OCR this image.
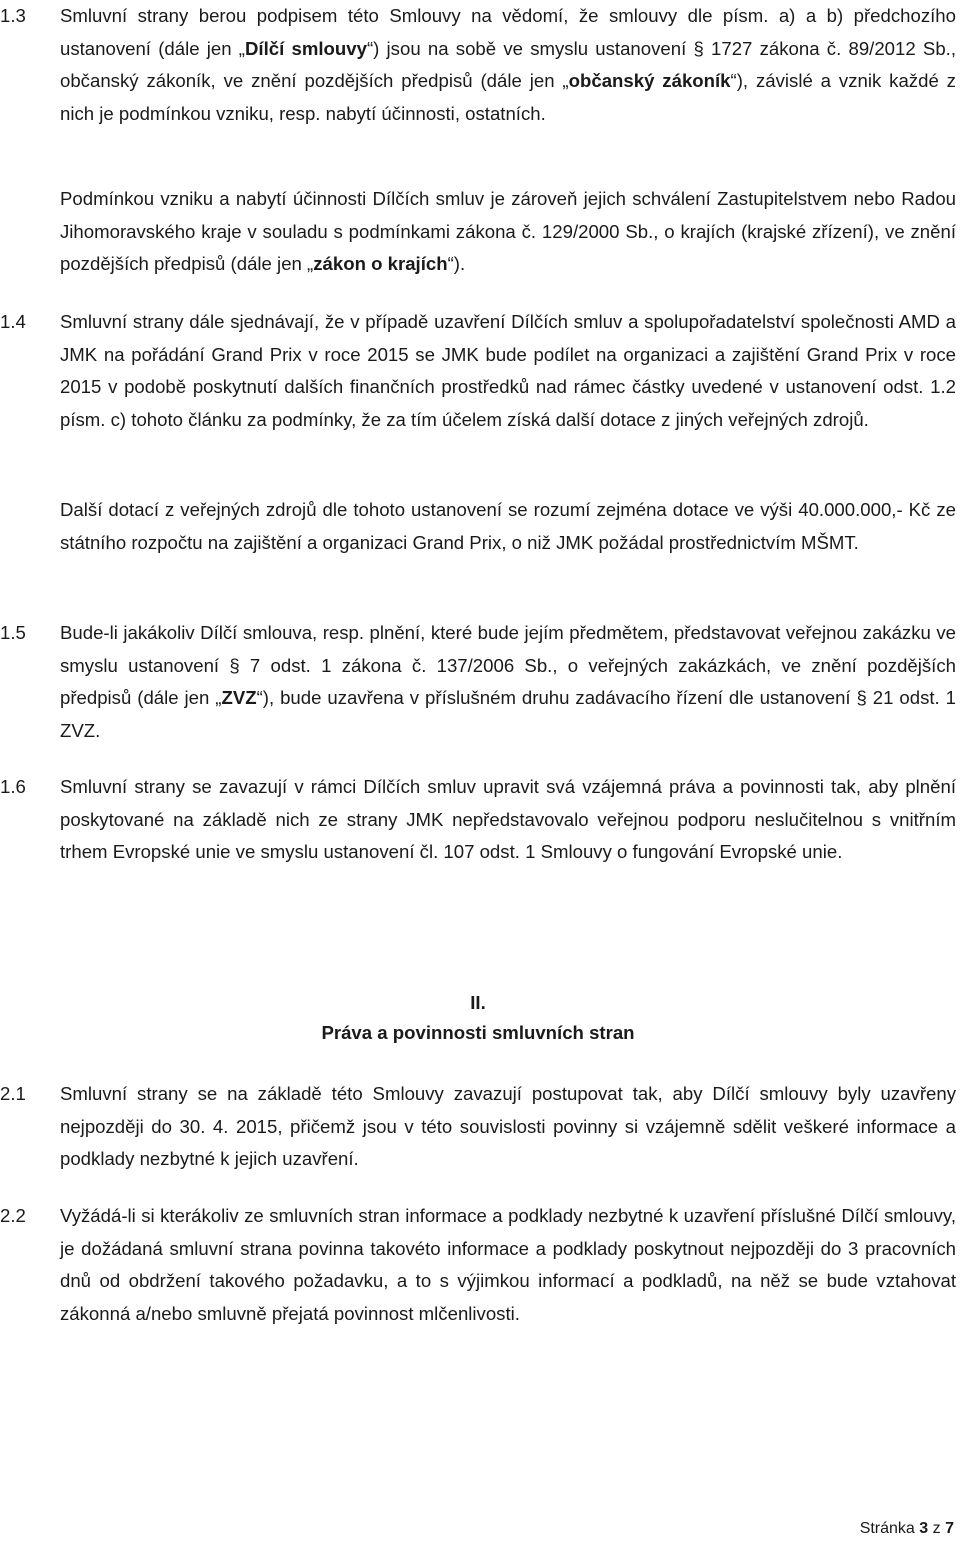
1.3	Smluvní strany berou podpisem této Smlouvy na vědomí, že smlouvy dle písm. a) a b) předchozího ustanovení (dále jen „Dílčí smlouvy“) jsou na sobě ve smyslu ustanovení § 1727 zákona č. 89/2012 Sb., občanský zákoník, ve znění pozdějších předpisů (dále jen „občanský zákoník“), závislé a vznik každé z nich je podmínkou vzniku, resp. nabytí účinnosti, ostatních.
Podmínkou vzniku a nabytí účinnosti Dílčích smluv je zároveň jejich schválení Zastupitelstvem nebo Radou Jihomoravského kraje v souladu s podmínkami zákona č. 129/2000 Sb., o krajích (krajské zřízení), ve znění pozdějších předpisů (dále jen „zákon o krajích“).
1.4	Smluvní strany dále sjednávají, že v případě uzavření Dílčích smluv a spolupořadatelství společnosti AMD a JMK na pořádání Grand Prix v roce 2015 se JMK bude podílet na organizaci a zajištění Grand Prix v roce 2015 v podobě poskytnutí dalších finančních prostředků nad rámec částky uvedené v ustanovení odst. 1.2 písm. c) tohoto článku za podmínky, že za tím účelem získá další dotace z jiných veřejných zdrojů.
Další dotací z veřejných zdrojů dle tohoto ustanovení se rozumí zejména dotace ve výši 40.000.000,- Kč ze státního rozpočtu na zajištění a organizaci Grand Prix, o niž JMK požádal prostřednictvím MŠMT.
1.5	Bude-li jakákoliv Dílčí smlouva, resp. plnění, které bude jejím předmětem, představovat veřejnou zakázku ve smyslu ustanovení § 7 odst. 1 zákona č. 137/2006 Sb., o veřejných zakázkách, ve znění pozdějších předpisů (dále jen „ZVZ“), bude uzavřena v příslušném druhu zadávacího řízení dle ustanovení § 21 odst. 1 ZVZ.
1.6	Smluvní strany se zavazují v rámci Dílčích smluv upravit svá vzájemná práva a povinnosti tak, aby plnění poskytované na základě nich ze strany JMK nepředstavovalo veřejnou podporu neslučitelnou s vnitřním trhem Evropské unie ve smyslu ustanovení čl. 107 odst. 1 Smlouvy o fungování Evropské unie.
II.
Práva a povinnosti smluvních stran
2.1	Smluvní strany se na základě této Smlouvy zavazují postupovat tak, aby Dílčí smlouvy byly uzavřeny nejpozději do 30. 4. 2015, přičemž jsou v této souvislosti povinny si vzájemně sdělit veškeré informace a podklady nezbytné k jejich uzavření.
2.2	Vyžádá-li si kterákoliv ze smluvních stran informace a podklady nezbytné k uzavření příslušné Dílčí smlouvy, je dožádaná smluvní strana povinna takovéto informace a podklady poskytnout nejpozději do 3 pracovních dnů od obdržení takového požadavku, a to s výjimkou informací a podkladů, na něž se bude vztahovat zákonná a/nebo smluvně přejatá povinnost mlčenlivosti.
Stránka 3 z 7
